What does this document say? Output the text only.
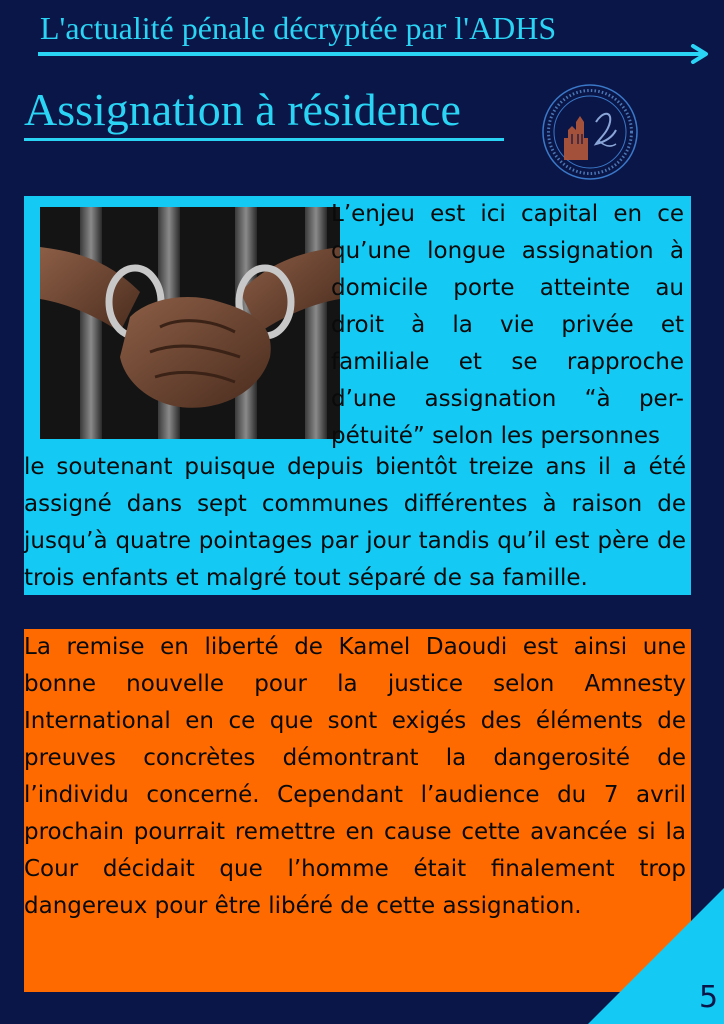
L'actualité pénale décryptée par l'ADHS
Assignation à résidence
L’enjeu est ici capital en ce
qu’une longue assignation à
domicile porte atteinte au
droit à la vie privée et
familiale et se rapproche
d’une assignation “à per-
pétuité” selon les personnes
le soutenant puisque depuis bientôt treize ans il a été assigné dans sept communes différentes à raison de jusqu’à quatre pointages par jour tandis qu’il est père de trois enfants et malgré tout séparé de sa famille.
La remise en liberté de Kamel Daoudi est ainsi une bonne nouvelle pour la justice selon Amnesty International en ce que sont exigés des éléments de preuves concrètes démontrant la dangerosité de l’individu concerné. Cependant l’audience du 7 avril prochain pourrait remettre en cause cette avancée si la Cour décidait que l’homme était finalement trop dangereux pour être libéré de cette assignation.
5
